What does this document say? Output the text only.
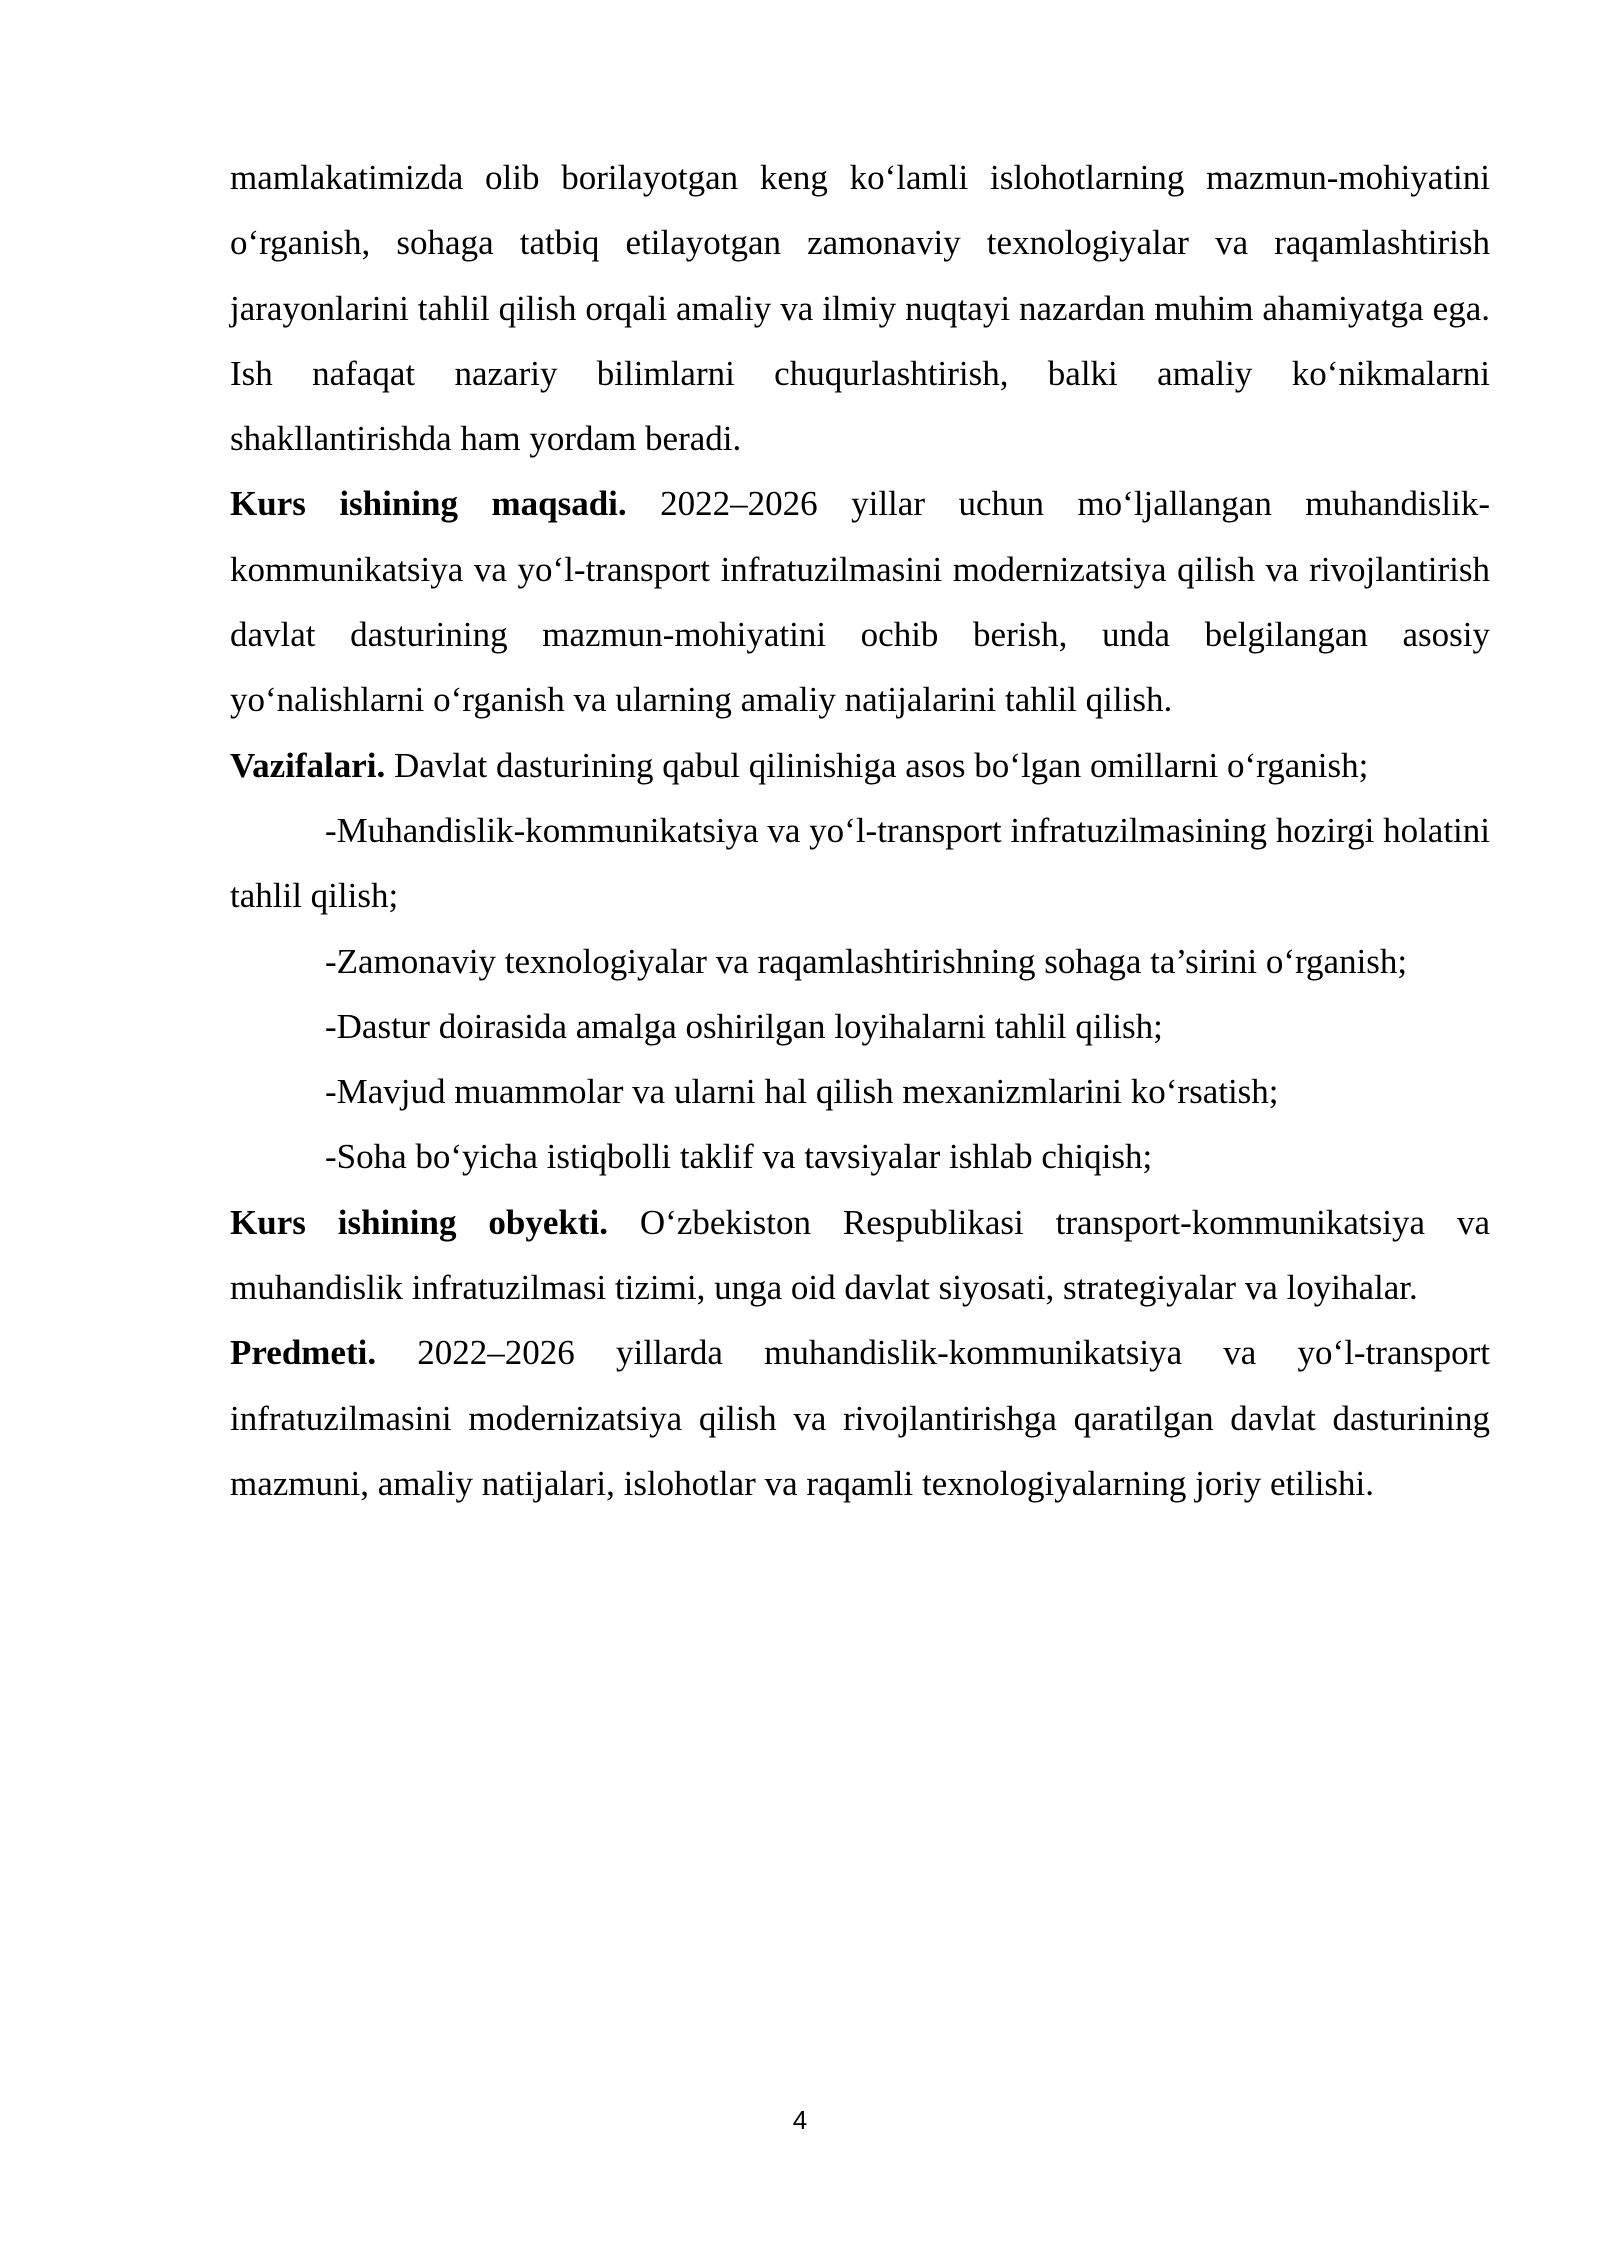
mamlakatimizda olib borilayotgan keng ko‘lamli islohotlarning mazmun-mohiyatini o‘rganish, sohaga tatbiq etilayotgan zamonaviy texnologiyalar va raqamlashtirish jarayonlarini tahlil qilish orqali amaliy va ilmiy nuqtayi nazardan muhim ahamiyatga ega. Ish nafaqat nazariy bilimlarni chuqurlashtirish, balki amaliy ko‘nikmalarni shakllantirishda ham yordam beradi.

Kurs ishining maqsadi. 2022–2026 yillar uchun mo‘ljallangan muhandislik-kommunikatsiya va yo‘l-transport infratuzilmasini modernizatsiya qilish va rivojlantirish davlat dasturining mazmun-mohiyatini ochib berish, unda belgilangan asosiy yo‘nalishlarni o‘rganish va ularning amaliy natijalarini tahlil qilish.

Vazifalari. Davlat dasturining qabul qilinishiga asos bo‘lgan omillarni o‘rganish;

-Muhandislik-kommunikatsiya va yo‘l-transport infratuzilmasining hozirgi holatini tahlil qilish;

-Zamonaviy texnologiyalar va raqamlashtirishning sohaga ta’sirini o‘rganish;

-Dastur doirasida amalga oshirilgan loyihalarni tahlil qilish;

-Mavjud muammolar va ularni hal qilish mexanizmlarini ko‘rsatish;

-Soha bo‘yicha istiqbolli taklif va tavsiyalar ishlab chiqish;

Kurs ishining obyekti. O‘zbekiston Respublikasi transport-kommunikatsiya va muhandislik infratuzilmasi tizimi, unga oid davlat siyosati, strategiyalar va loyihalar.

Predmeti. 2022–2026 yillarda muhandislik-kommunikatsiya va yo‘l-transport infratuzilmasini modernizatsiya qilish va rivojlantirishga qaratilgan davlat dasturining mazmuni, amaliy natijalari, islohotlar va raqamli texnologiyalarning joriy etilishi.

4
